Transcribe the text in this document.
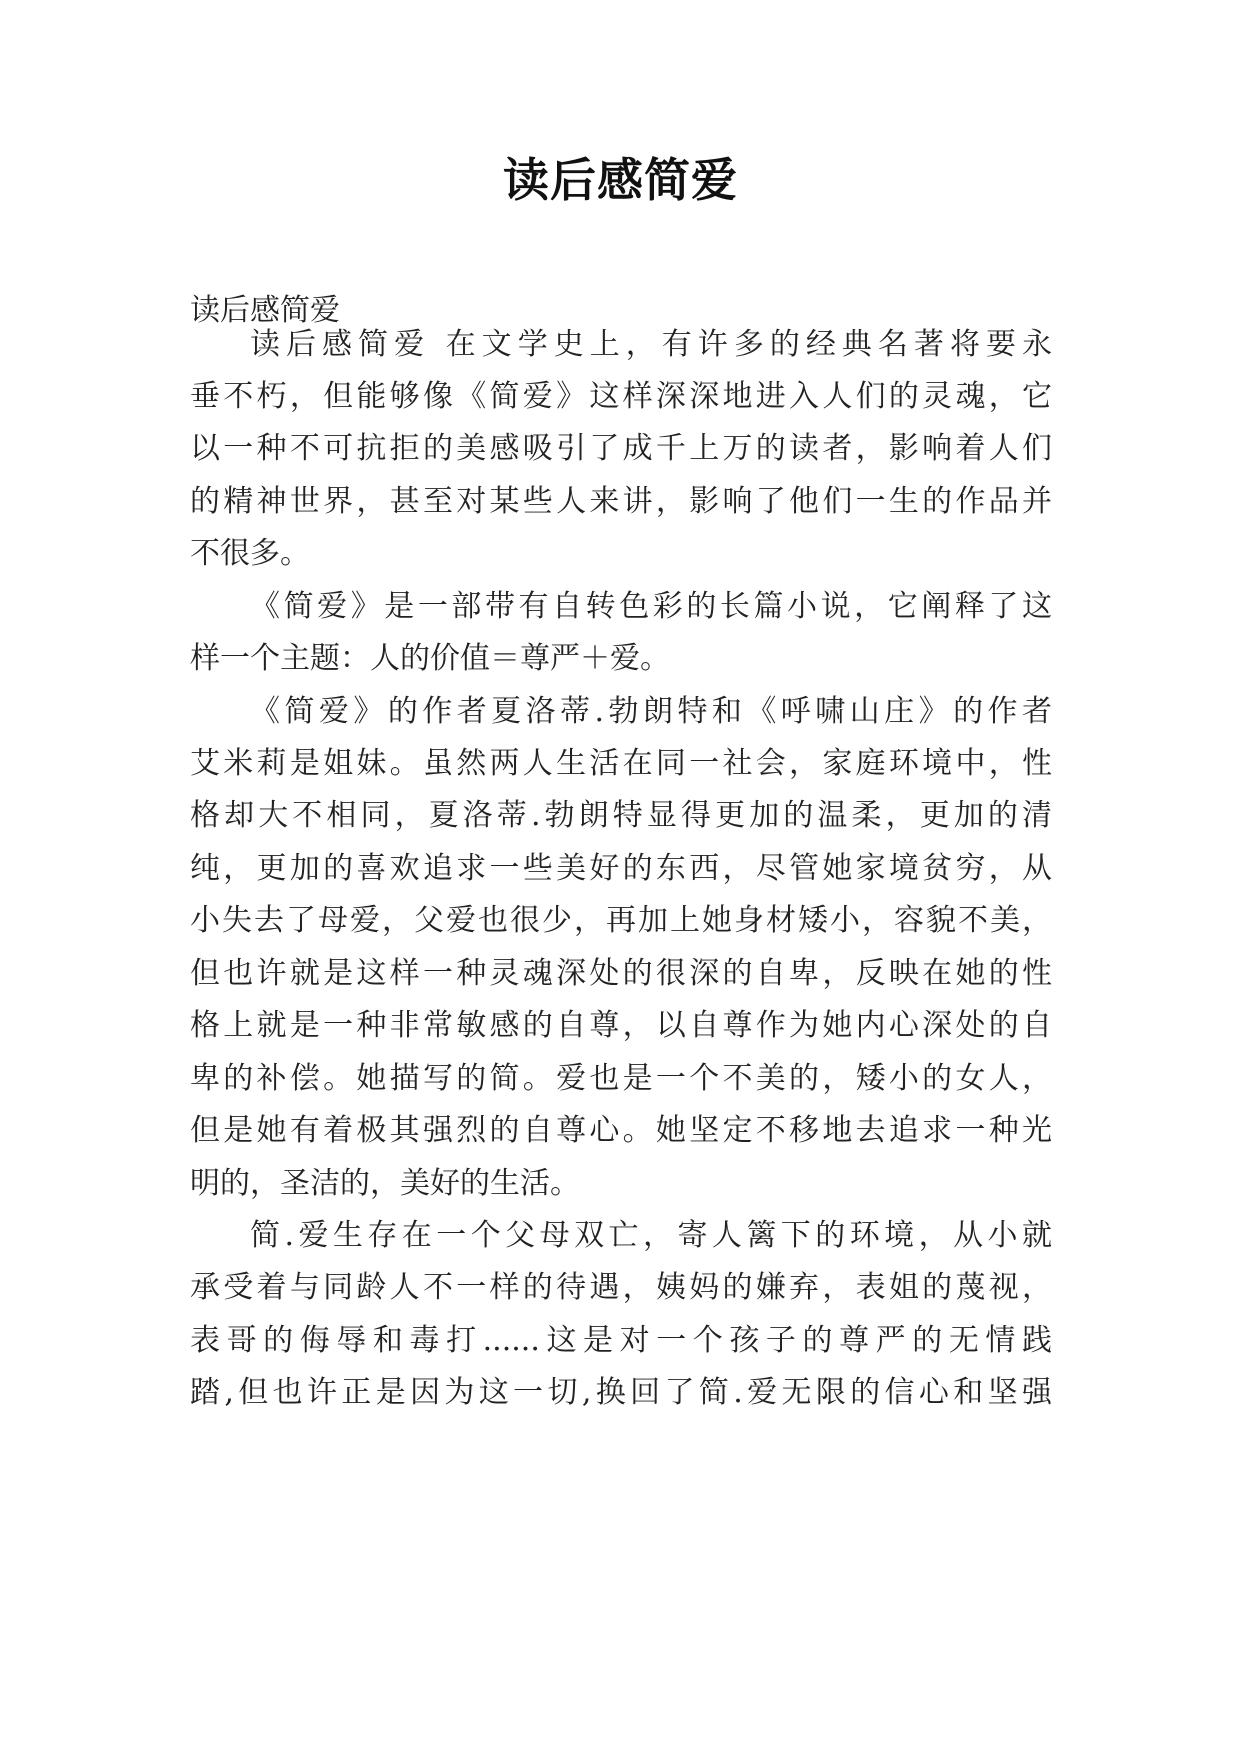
读后感简爱
读后感简爱
读后感简爱 在文学史上，有许多的经典名著将要永
垂不朽，但能够像《简爱》这样深深地进入人们的灵魂，它
以一种不可抗拒的美感吸引了成千上万的读者，影响着人们
的精神世界，甚至对某些人来讲，影响了他们一生的作品并
不很多。
《简爱》是一部带有自转色彩的长篇小说，它阐释了这
样一个主题：人的价值＝尊严＋爱。
《简爱》的作者夏洛蒂.勃朗特和《呼啸山庄》的作者
艾米莉是姐妹。虽然两人生活在同一社会，家庭环境中，性
格却大不相同，夏洛蒂.勃朗特显得更加的温柔，更加的清
纯，更加的喜欢追求一些美好的东西，尽管她家境贫穷，从
小失去了母爱，父爱也很少，再加上她身材矮小，容貌不美，
但也许就是这样一种灵魂深处的很深的自卑，反映在她的性
格上就是一种非常敏感的自尊，以自尊作为她内心深处的自
卑的补偿。她描写的简。爱也是一个不美的，矮小的女人，
但是她有着极其强烈的自尊心。她坚定不移地去追求一种光
明的，圣洁的，美好的生活。
简.爱生存在一个父母双亡，寄人篱下的环境，从小就
承受着与同龄人不一样的待遇，姨妈的嫌弃，表姐的蔑视，
表哥的侮辱和毒打......这是对一个孩子的尊严的无情践
踏,但也许正是因为这一切,换回了简.爱无限的信心和坚强
